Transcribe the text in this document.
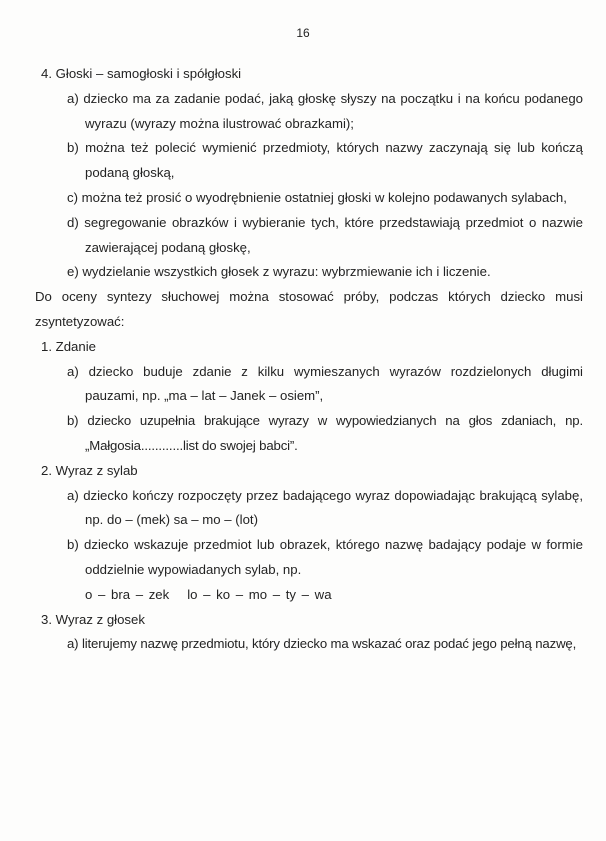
16
4. Głoski – samogłoski i spółgłoski

a) dziecko ma za zadanie podać, jaką głoskę słyszy na początku i na końcu podanego wyrazu (wyrazy można ilustrować obrazkami);

b) można też polecić wymienić przedmioty, których nazwy zaczynają się lub kończą podaną głoską,

c) można też prosić o wyodrębnienie ostatniej głoski w kolejno podawanych sylabach,

d) segregowanie obrazków i wybieranie tych, które przedstawiają przedmiot o nazwie zawierającej podaną głoskę,

e) wydzielanie wszystkich głosek z wyrazu: wybrzmiewanie ich i liczenie.

Do oceny syntezy słuchowej można stosować próby, podczas których dziecko musi zsyntetyzować:

1. Zdanie

a) dziecko buduje zdanie z kilku wymieszanych wyrazów rozdzielonych długimi pauzami, np. „ma – lat – Janek – osiem”,

b) dziecko uzupełnia brakujące wyrazy w wypowiedzianych na głos zdaniach, np. „Małgosia............list do swojej babci”.

2. Wyraz z sylab

a) dziecko kończy rozpoczęty przez badającego wyraz dopowiadając brakującą sylabę, np. do – (mek) sa – mo – (lot)

b) dziecko wskazuje przedmiot lub obrazek, którego nazwę badający podaje w formie oddzielnie wypowiadanych sylab, np.

o – bra – zek lo – ko – mo – ty – wa
3. Wyraz z głosek

a) literujemy nazwę przedmiotu, który dziecko ma wskazać oraz podać jego pełną nazwę,
